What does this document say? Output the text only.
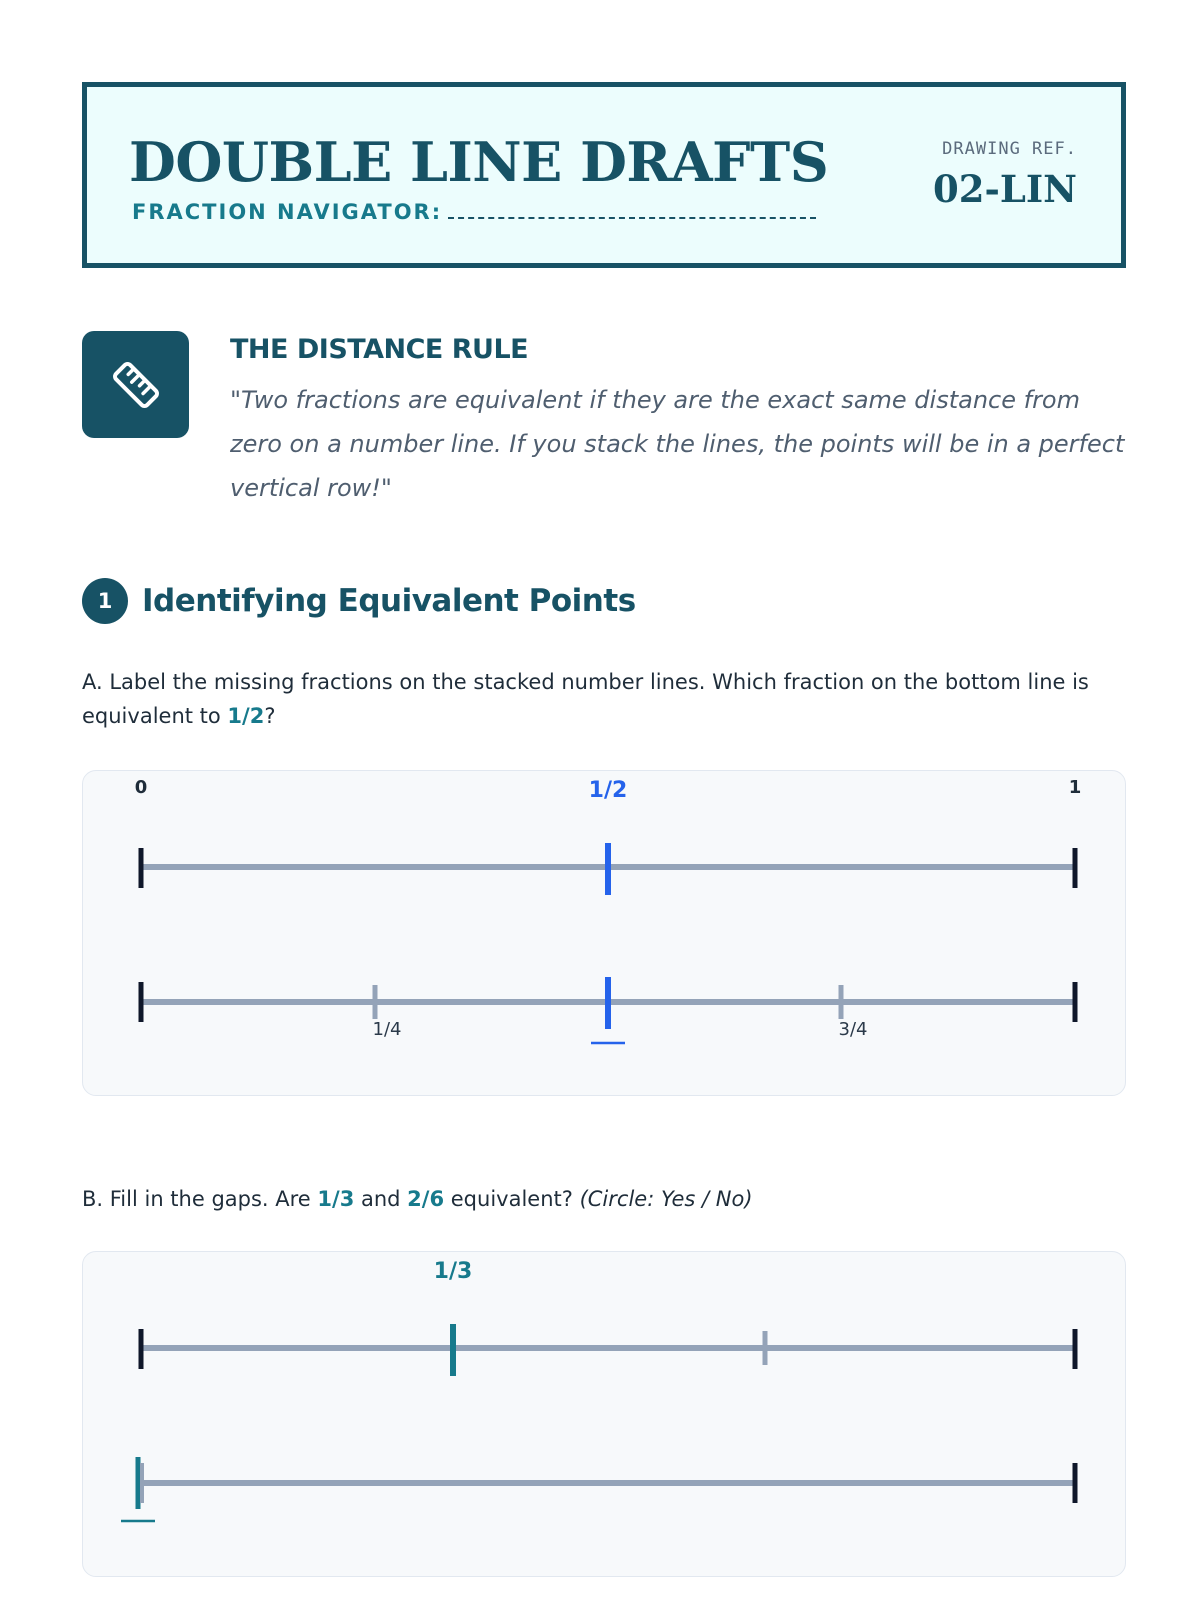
DOUBLE LINE DRAFTS
FRACTION NAVIGATOR:
DRAWING REF.
02-LIN
THE DISTANCE RULE

"Two fractions are equivalent if they are the exact same distance from zero on a number line. If you stack the lines, the points will be in a perfect vertical row!"

1 Identifying Equivalent Points

A. Label the missing fractions on the stacked number lines. Which fraction on the bottom line is equivalent to 1/2?

0	1
1/2
1/4	3/4

B. Fill in the gaps. Are 1/3 and 2/6 equivalent? (Circle: Yes / No)

1/3
